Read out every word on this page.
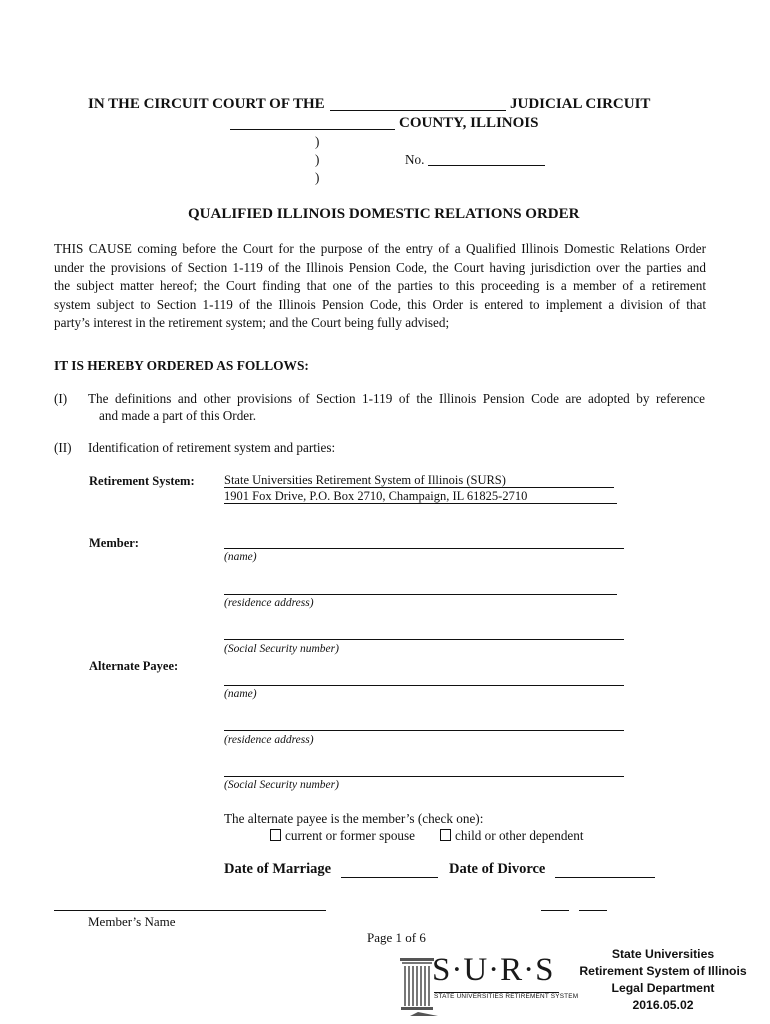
IN THE CIRCUIT COURT OF THE	JUDICIAL CIRCUIT
COUNTY, ILLINOIS
)
)
)
No.
QUALIFIED ILLINOIS DOMESTIC RELATIONS ORDER
THIS CAUSE coming before the Court for the purpose of the entry of a Qualified Illinois Domestic Relations Order
under the provisions of Section 1-119 of the Illinois Pension Code, the Court having jurisdiction over the parties and
the subject matter hereof; the Court finding that one of the parties to this proceeding is a member of a retirement
system subject to Section 1-119 of the Illinois Pension Code, this Order is entered to implement a division of that
party’s interest in the retirement system; and the Court being fully advised;
IT IS HEREBY ORDERED AS FOLLOWS:
(I) The definitions and other provisions of Section 1-119 of the Illinois Pension Code are adopted by reference
and made a part of this Order.
(II) Identification of retirement system and parties:
Retirement System: State Universities Retirement System of Illinois (SURS)
1901 Fox Drive, P.O. Box 2710, Champaign, IL 61825-2710
Member:
(name)
(residence address)
(Social Security number)
Alternate Payee:
(name)
(residence address)
(Social Security number)
The alternate payee is the member’s (check one):
current or former spouse	child or other dependent
Date of Marriage	Date of Divorce
Member’s Name
Page 1 of 6
S·U·R·S
STATE UNIVERSITIES RETIREMENT SYSTEM
State Universities
Retirement System of Illinois
Legal Department
2016.05.02
